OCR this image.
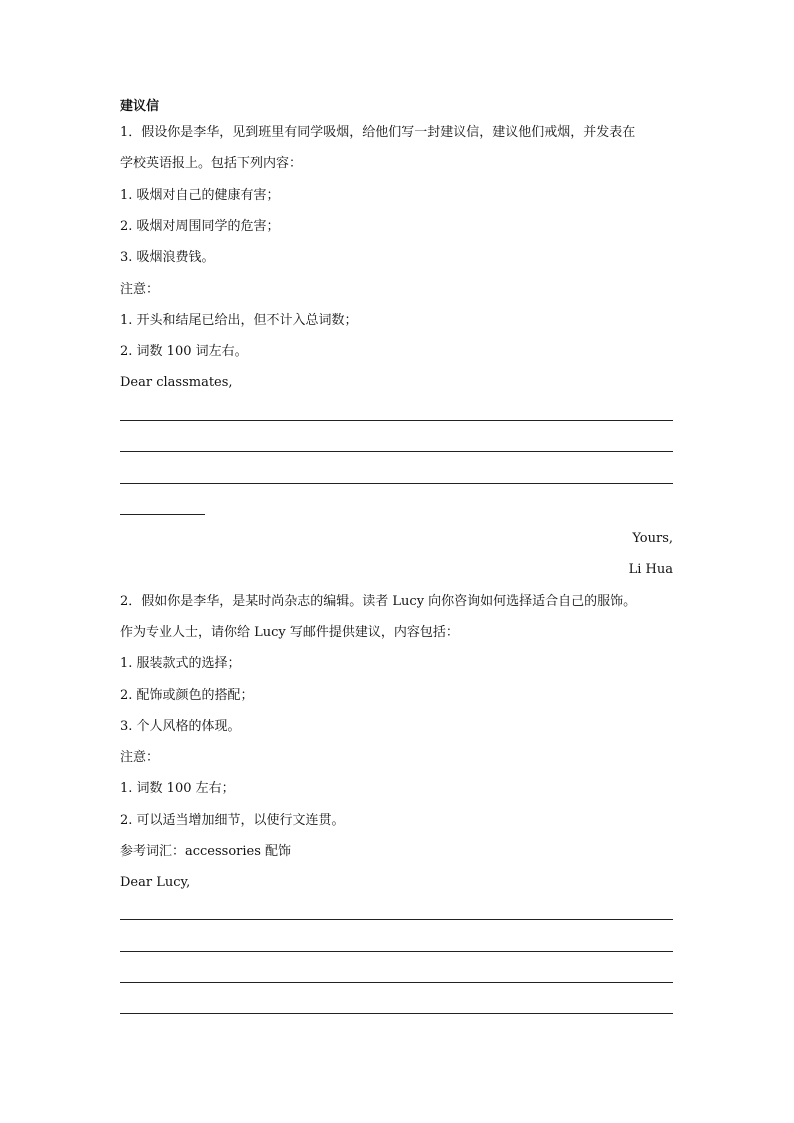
建议信
1．假设你是李华，见到班里有同学吸烟，给他们写一封建议信，建议他们戒烟，并发表在
学校英语报上。包括下列内容：
1. 吸烟对自己的健康有害；
2. 吸烟对周围同学的危害；
3. 吸烟浪费钱。
注意：
1. 开头和结尾已给出，但不计入总词数；
2. 词数 100 词左右。
Dear classmates,
Yours,
Li Hua
2．假如你是李华，是某时尚杂志的编辑。读者 Lucy 向你咨询如何选择适合自己的服饰。
作为专业人士，请你给 Lucy 写邮件提供建议，内容包括：
1. 服装款式的选择；
2. 配饰或颜色的搭配；
3. 个人风格的体现。
注意：
1. 词数 100 左右；
2. 可以适当增加细节，以使行文连贯。
参考词汇：accessories 配饰
Dear Lucy,
